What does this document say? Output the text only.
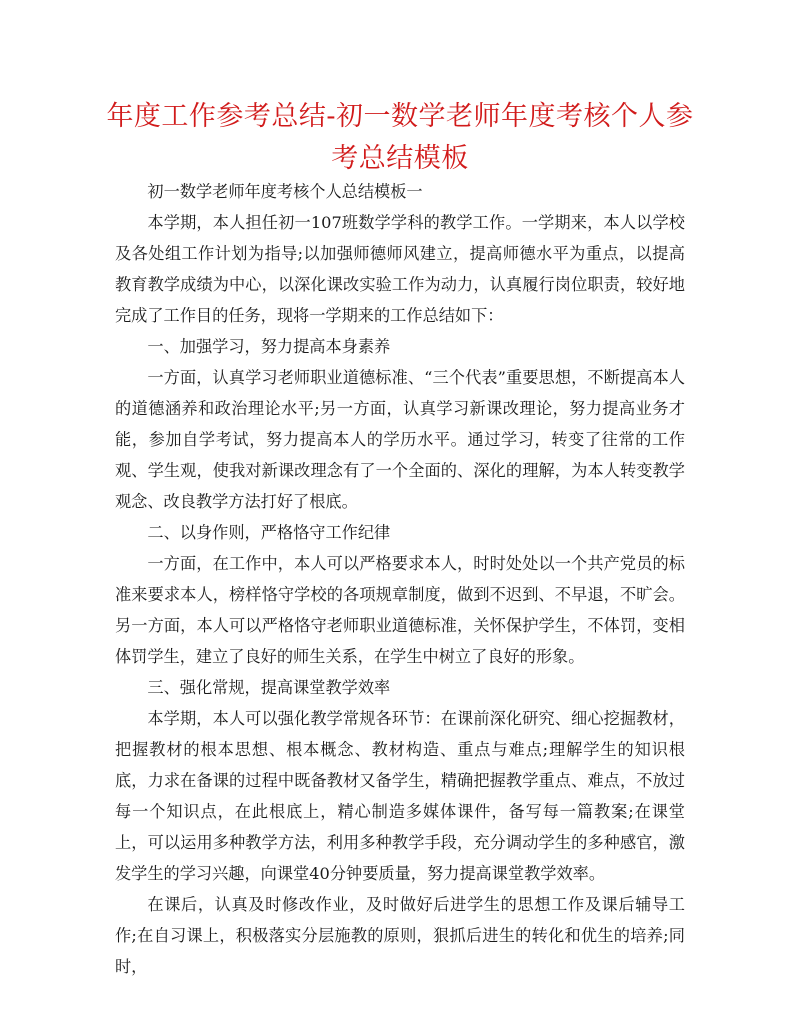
年度工作参考总结-初一数学老师年度考核个人参考总结模板

初一数学老师年度考核个人总结模板一

本学期，本人担任初一107班数学学科的教学工作。一学期来，本人以学校及各处组工作计划为指导;以加强师德师风建立，提高师德水平为重点，以提高教育教学成绩为中心，以深化课改实验工作为动力，认真履行岗位职责，较好地完成了工作目的任务，现将一学期来的工作总结如下：

一、加强学习，努力提高本身素养

一方面，认真学习老师职业道德标准、“三个代表”重要思想，不断提高本人的道德涵养和政治理论水平;另一方面，认真学习新课改理论，努力提高业务才能，参加自学考试，努力提高本人的学历水平。通过学习，转变了往常的工作观、学生观，使我对新课改理念有了一个全面的、深化的理解，为本人转变教学观念、改良教学方法打好了根底。

二、以身作则，严格恪守工作纪律

一方面，在工作中，本人可以严格要求本人，时时处处以一个共产党员的标准来要求本人，榜样恪守学校的各项规章制度，做到不迟到、不早退，不旷会。另一方面，本人可以严格恪守老师职业道德标准，关怀保护学生，不体罚，变相体罚学生，建立了良好的师生关系，在学生中树立了良好的形象。

三、强化常规，提高课堂教学效率

本学期，本人可以强化教学常规各环节：在课前深化研究、细心挖掘教材，把握教材的根本思想、根本概念、教材构造、重点与难点;理解学生的知识根底，力求在备课的过程中既备教材又备学生，精确把握教学重点、难点，不放过每一个知识点，在此根底上，精心制造多媒体课件，备写每一篇教案;在课堂上，可以运用多种教学方法，利用多种教学手段，充分调动学生的多种感官，激发学生的学习兴趣，向课堂40分钟要质量，努力提高课堂教学效率。

在课后，认真及时修改作业，及时做好后进学生的思想工作及课后辅导工作;在自习课上，积极落实分层施教的原则，狠抓后进生的转化和优生的培养;同时，
